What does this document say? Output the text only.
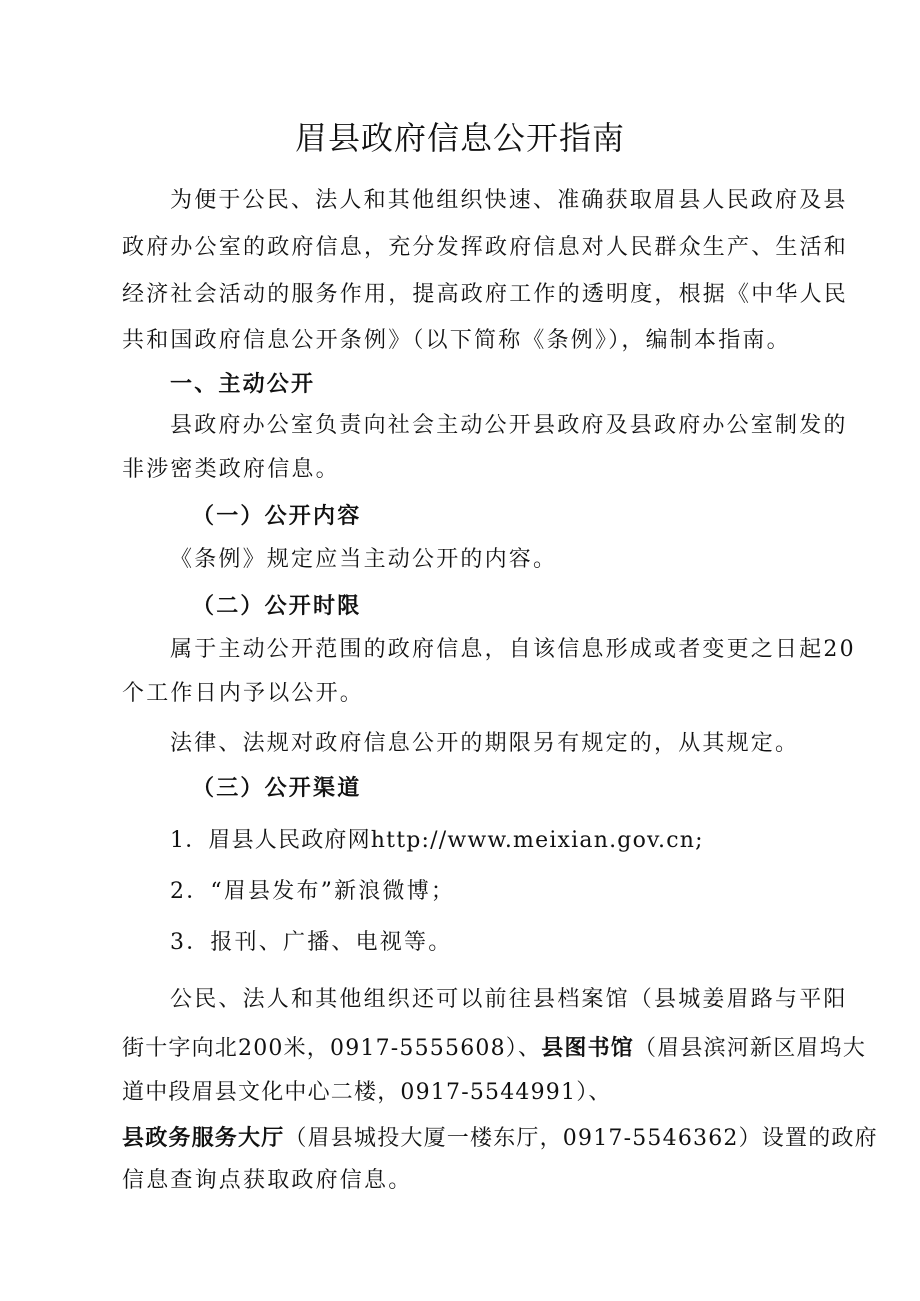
眉县政府信息公开指南
为便于公民、法人和其他组织快速、准确获取眉县人民政府及县
政府办公室的政府信息，充分发挥政府信息对人民群众生产、生活和
经济社会活动的服务作用，提高政府工作的透明度，根据《中华人民
共和国政府信息公开条例》（以下简称《条例》），编制本指南。
一、主动公开
县政府办公室负责向社会主动公开县政府及县政府办公室制发的
非涉密类政府信息。
（一）公开内容
《条例》规定应当主动公开的内容。
（二）公开时限
属于主动公开范围的政府信息，自该信息形成或者变更之日起20
个工作日内予以公开。
法律、法规对政府信息公开的期限另有规定的，从其规定。
（三）公开渠道
1．眉县人民政府网http://www.meixian.gov.cn;
2．“眉县发布”新浪微博；
3．报刊、广播、电视等。
公民、法人和其他组织还可以前往县档案馆（县城姜眉路与平阳
街十字向北200米，0917-5555608）、县图书馆（眉县滨河新区眉坞大
道中段眉县文化中心二楼，0917-5544991）、
县政务服务大厅（眉县城投大厦一楼东厅，0917-5546362）设置的政府
信息查询点获取政府信息。
